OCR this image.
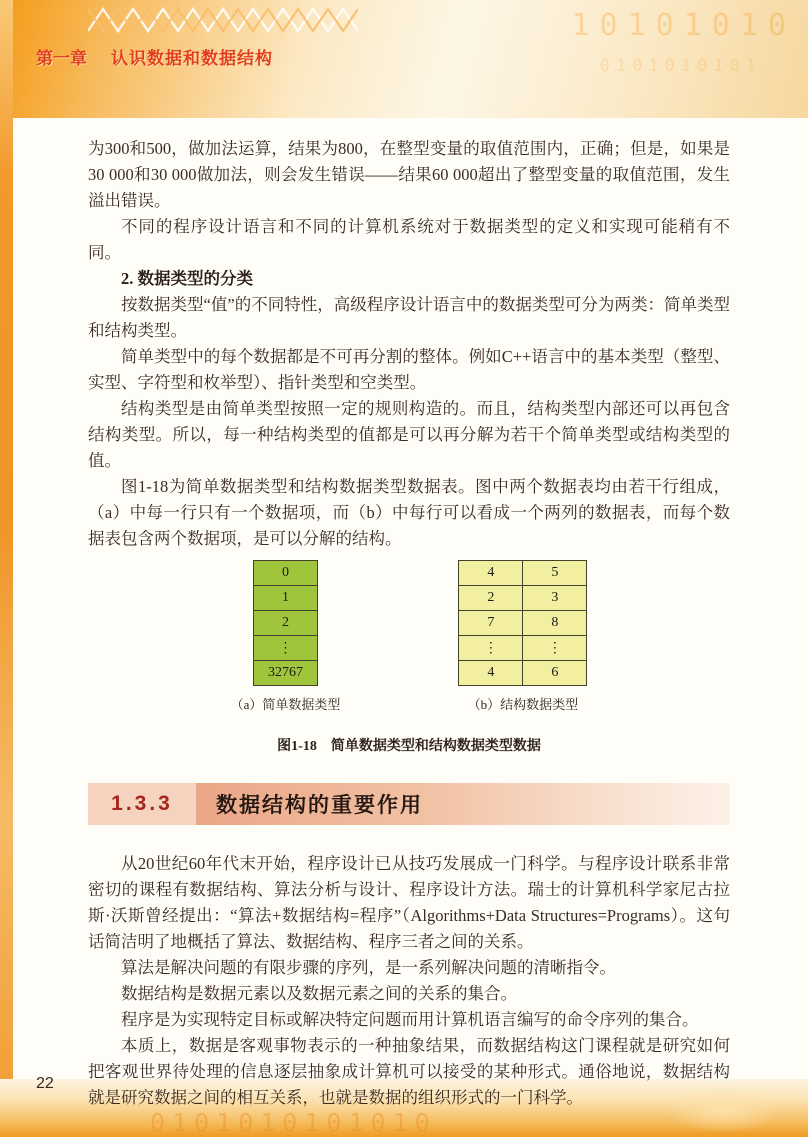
10101010
0101010101
第一章 认识数据和数据结构
0101010101010
22

为300和500，做加法运算，结果为800，在整型变量的取值范围内，正确；但是，如果是30 000和30 000做加法，则会发生错误——结果60 000超出了整型变量的取值范围，发生溢出错误。

不同的程序设计语言和不同的计算机系统对于数据类型的定义和实现可能稍有不同。

2. 数据类型的分类

按数据类型“值”的不同特性，高级程序设计语言中的数据类型可分为两类：简单类型和结构类型。

简单类型中的每个数据都是不可再分割的整体。例如C++语言中的基本类型（整型、实型、字符型和枚举型）、指针类型和空类型。

结构类型是由简单类型按照一定的规则构造的。而且，结构类型内部还可以再包含结构类型。所以，每一种结构类型的值都是可以再分解为若干个简单类型或结构类型的值。

图1-18为简单数据类型和结构数据类型数据表。图中两个数据表均由若干行组成，（a）中每一行只有一个数据项，而（b）中每行可以看成一个两列的数据表，而每个数据表包含两个数据项，是可以分解的结构。

0
1
2
⋮
32767
（a）简单数据类型
4	5
2	3
7	8
⋮	⋮
4	6
（b）结构数据类型
图1-18　简单数据类型和结构数据类型数据
1.3.3	数据结构的重要作用

从20世纪60年代末开始，程序设计已从技巧发展成一门科学。与程序设计联系非常密切的课程有数据结构、算法分析与设计、程序设计方法。瑞士的计算机科学家尼古拉斯·沃斯曾经提出：“算法+数据结构=程序”（Algorithms+Data Structures=Programs）。这句话简洁明了地概括了算法、数据结构、程序三者之间的关系。

算法是解决问题的有限步骤的序列，是一系列解决问题的清晰指令。

数据结构是数据元素以及数据元素之间的关系的集合。

程序是为实现特定目标或解决特定问题而用计算机语言编写的命令序列的集合。

本质上，数据是客观事物表示的一种抽象结果，而数据结构这门课程就是研究如何把客观世界待处理的信息逐层抽象成计算机可以接受的某种形式。通俗地说，数据结构就是研究数据之间的相互关系，也就是数据的组织形式的一门科学。
